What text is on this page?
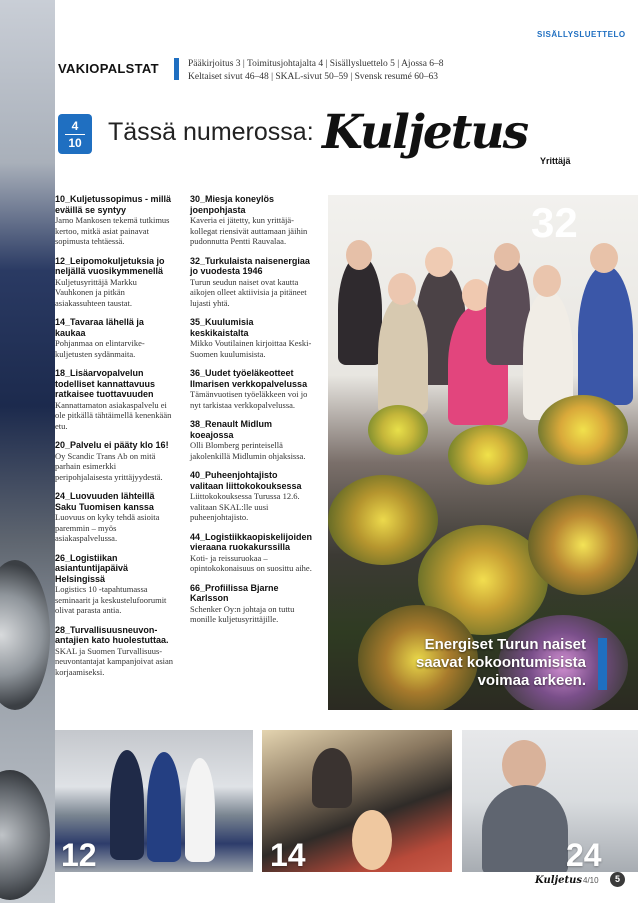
SISÄLLYSLUETTELO
VAKIOPALSTAT	Pääkirjoitus 3 | Toimitusjohtajalta 4 | Sisällysluettelo 5 | Ajossa 6–8
Keltaiset sivut 46–48 | SKAL-sivut 50–59 | Svensk resumé 60–63
4
10	Tässä numerossa: Kuljetus
Yrittäjä
10_Kuljetussopimus - millä eväillä se syntyy
Jarno Mankosen tekemä tutkimus kertoo, mitkä asiat painavat sopimusta tehtäessä.
12_Leipomokuljetuksia jo neljällä vuosikymmenellä
Kuljetusyrittäjä Markku Vauhkonen ja pitkän asiakassuhteen taustat.
14_Tavaraa lähellä ja kaukaa
Pohjanmaa on elintarvike-kuljetusten sydänmaita.
18_Lisäarvopalvelun todelliset kannattavuus ratkaisee tuottavuuden
Kannattamaton asiakaspalvelu ei ole pitkällä tähtäimellä kenenkään etu.
20_Palvelu ei pääty klo 16!
Oy Scandic Trans Ab on mitä parhain esimerkki peripohjalaisesta yrittäjyydestä.
24_Luovuuden lähteillä Saku Tuomisen kanssa
Luovuus on kyky tehdä asioita paremmin – myös asiakaspalvelussa.
26_Logistiikan asiantuntijapäivä Helsingissä
Logistics 10 -tapahtumassa seminaarit ja keskustelufoorumit olivat parasta antia.
28_Turvallisuusneuvon-antajien kato huolestuttaa.
SKAL ja Suomen Turvallisuus-neuvontantajat kampanjoivat asian korjaamiseksi.
30_Miesja koneylös joenpohjasta
Kaveria ei jätetty, kun yrittäjä-kollegat riensivät auttamaan jäihin pudonnutta Pentti Rauvalaa.
32_Turkulaista naisenergiaa jo vuodesta 1946
Turun seudun naiset ovat kautta aikojen olleet aktiivisia ja pitäneet lujasti yhtä.
35_Kuulumisia keskikaistalta
Mikko Voutilainen kirjoittaa Keski-Suomen kuulumisista.
36_Uudet työeläkeotteet Ilmarisen verkkopalvelussa
Tämänvuotisen työeläkkeen voi jo nyt tarkistaa verkkopalvelussa.
38_Renault Midlum koeajossa
Olli Blomberg perinteisellä jakolenkillä Midlumin ohjaksissa.
40_Puheenjohtajisto valitaan liittokokouksessa
Liittokokouksessa Turussa 12.6. valitaan SKAL:lle uusi puheenjohtajisto.
44_Logistiikkaopiskelijoiden vieraana ruokakurssilla
Koti- ja reissuruokaa – opintokokonaisuus on suosittu aihe.
66_Profiilissa Bjarne Karlsson
Schenker Oy:n johtaja on tuttu monille kuljetusyrittäjille.
32
Energiset Turun naiset
saavat kokoontumisista
voimaa arkeen.
12	14	24
Kuljetus 4/10	5
